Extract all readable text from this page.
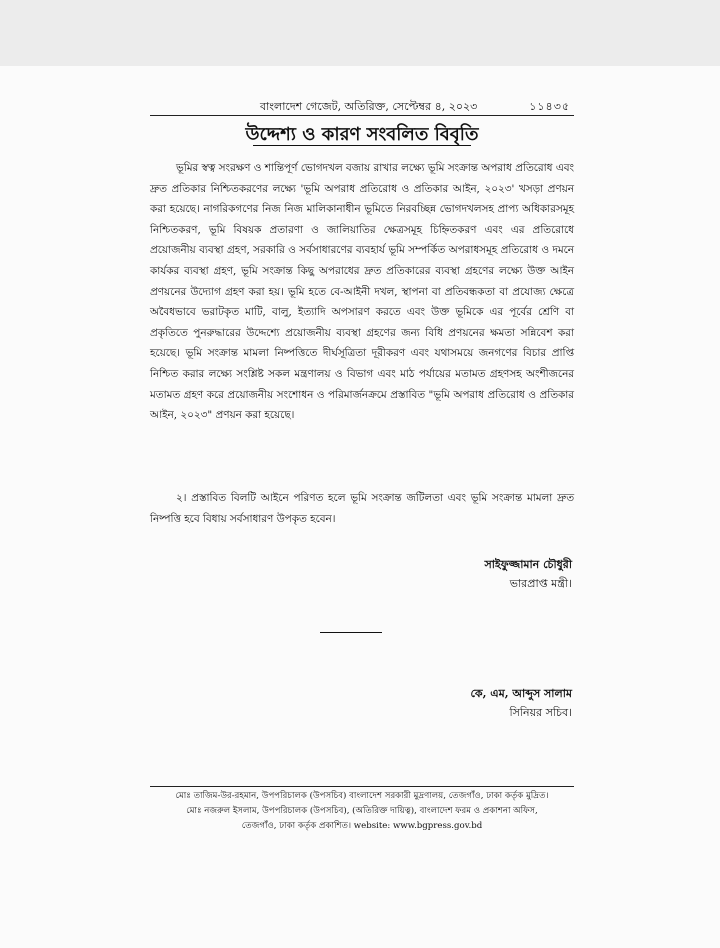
বাংলাদেশ গেজেট, অতিরিক্ত, সেপ্টেম্বর ৪, ২০২৩	১১৪৩৫
উদ্দেশ্য ও কারণ সংবলিত বিবৃতি

ভূমির স্বত্ব সংরক্ষণ ও শান্তিপূর্ণ ভোগদখল বজায় রাখার লক্ষ্যে ভূমি সংক্রান্ত অপরাধ প্রতিরোধ এবং দ্রুত প্রতিকার নিশ্চিতকরণের লক্ষ্যে 'ভূমি অপরাধ প্রতিরোধ ও প্রতিকার আইন, ২০২৩' খসড়া প্রণয়ন করা হয়েছে। নাগরিকগণের নিজ নিজ মালিকানাধীন ভূমিতে নিরবচ্ছিন্ন ভোগদখলসহ প্রাপ্য অধিকারসমূহ নিশ্চিতকরণ, ভূমি বিষয়ক প্রতারণা ও জালিয়াতির ক্ষেত্রসমূহ চিহ্নিতকরণ এবং এর প্রতিরোধে প্রয়োজনীয় ব্যবস্থা গ্রহণ, সরকারি ও সর্বসাধারণের ব্যবহার্য ভূমি সম্পর্কিত অপরাধসমূহ প্রতিরোধ ও দমনে কার্যকর ব্যবস্থা গ্রহণ, ভূমি সংক্রান্ত কিছু অপরাধের দ্রুত প্রতিকারের ব্যবস্থা গ্রহণের লক্ষ্যে উক্ত আইন প্রণয়নের উদ্যোগ গ্রহণ করা হয়। ভূমি হতে বে-আইনী দখল, স্থাপনা বা প্রতিবন্ধকতা বা প্রযোজ্য ক্ষেত্রে অবৈধভাবে ভরাটকৃত মাটি, বালু, ইত্যাদি অপসারণ করতে এবং উক্ত ভূমিকে এর পূর্বের শ্রেণি বা প্রকৃতিতে পুনরুদ্ধারের উদ্দেশ্যে প্রয়োজনীয় ব্যবস্থা গ্রহণের জন্য বিধি প্রণয়নের ক্ষমতা সন্নিবেশ করা হয়েছে। ভূমি সংক্রান্ত মামলা নিষ্পত্তিতে দীর্ঘসূত্রিতা দূরীকরণ এবং যথাসময়ে জনগণের বিচার প্রাপ্তি নিশ্চিত করার লক্ষ্যে সংশ্লিষ্ট সকল মন্ত্রণালয় ও বিভাগ এবং মাঠ পর্যায়ের মতামত গ্রহণসহ অংশীজনের মতামত গ্রহণ করে প্রয়োজনীয় সংশোধন ও পরিমার্জনক্রমে প্রস্তাবিত "ভূমি অপরাধ প্রতিরোধ ও প্রতিকার আইন, ২০২৩" প্রণয়ন করা হয়েছে।

২। প্রস্তাবিত বিলটি আইনে পরিণত হলে ভূমি সংক্রান্ত জটিলতা এবং ভূমি সংক্রান্ত মামলা দ্রুত নিষ্পত্তি হবে বিধায় সর্বসাধারণ উপকৃত হবেন।

সাইফুজ্জামান চৌধুরী
ভারপ্রাপ্ত মন্ত্রী।
কে, এম, আব্দুস সালাম
সিনিয়র সচিব।
মোঃ তাজিম-উর-রহমান, উপপরিচালক (উপসচিব) বাংলাদেশ সরকারী মুদ্রণালয়, তেজগাঁও, ঢাকা কর্তৃক মুদ্রিত।
মোঃ নজরুল ইসলাম, উপপরিচালক (উপসচিব), (অতিরিক্ত দায়িত্ব), বাংলাদেশ ফরম ও প্রকাশনা অফিস,
তেজগাঁও, ঢাকা কর্তৃক প্রকাশিত। website: www.bgpress.gov.bd
